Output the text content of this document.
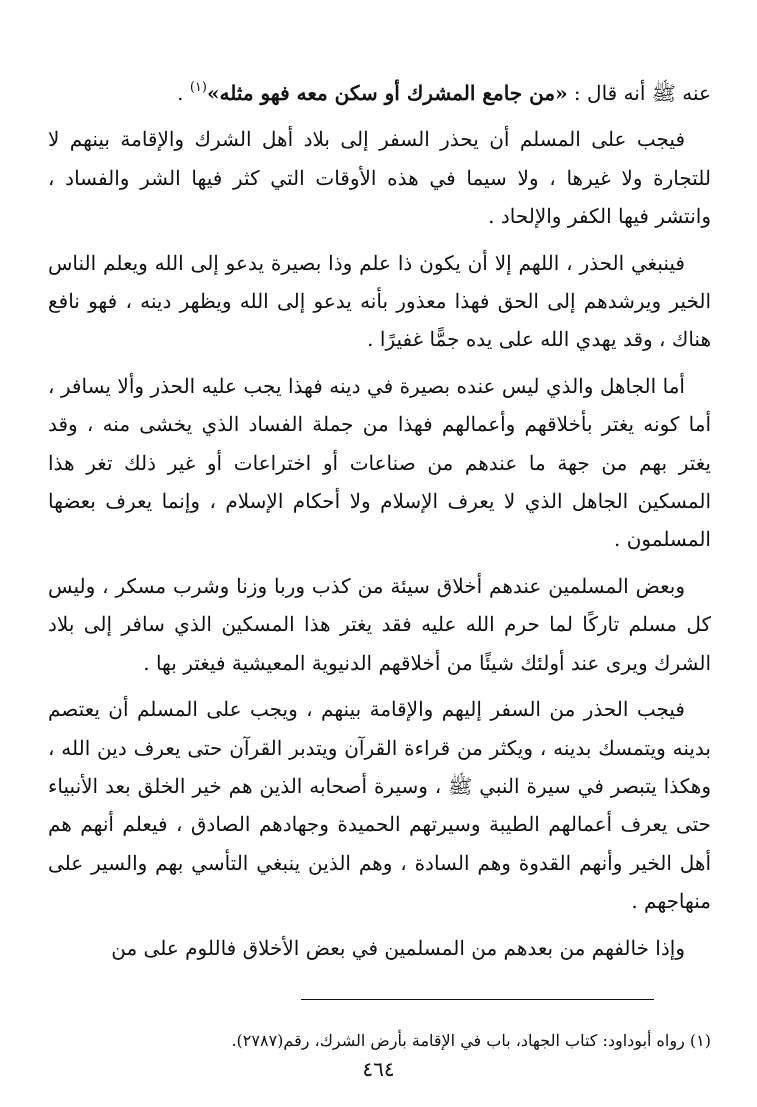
عنه ﷺ أنه قال : «من جامع المشرك أو سكن معه فهو مثله»$^{(١)}$ .

فيجب على المسلم أن يحذر السفر إلى بلاد أهل الشرك والإقامة بينهم لا للتجارة ولا غيرها ، ولا سيما في هذه الأوقات التي كثر فيها الشر والفساد ، وانتشر فيها الكفر والإلحاد .

فينبغي الحذر ، اللهم إلا أن يكون ذا علم وذا بصيرة يدعو إلى الله ويعلم الناس الخير ويرشدهم إلى الحق فهذا معذور بأنه يدعو إلى الله ويظهر دينه ، فهو نافع هناك ، وقد يهدي الله على يده جمًّا غفيرًا .

أما الجاهل والذي ليس عنده بصيرة في دينه فهذا يجب عليه الحذر وألا يسافر ، أما كونه يغتر بأخلاقهم وأعمالهم فهذا من جملة الفساد الذي يخشى منه ، وقد يغتر بهم من جهة ما عندهم من صناعات أو اختراعات أو غير ذلك تغر هذا المسكين الجاهل الذي لا يعرف الإسلام ولا أحكام الإسلام ، وإنما يعرف بعضها المسلمون .

وبعض المسلمين عندهم أخلاق سيئة من كذب وربا وزنا وشرب مسكر ، وليس كل مسلم تاركًا لما حرم الله عليه فقد يغتر هذا المسكين الذي سافر إلى بلاد الشرك ويرى عند أولئك شيئًا من أخلاقهم الدنيوية المعيشية فيغتر بها .

فيجب الحذر من السفر إليهم والإقامة بينهم ، ويجب على المسلم أن يعتصم بدينه ويتمسك بدينه ، ويكثر من قراءة القرآن ويتدبر القرآن حتى يعرف دين الله ، وهكذا يتبصر في سيرة النبي ﷺ ، وسيرة أصحابه الذين هم خير الخلق بعد الأنبياء حتى يعرف أعمالهم الطيبة وسيرتهم الحميدة وجهادهم الصادق ، فيعلم أنهم هم أهل الخير وأنهم القدوة وهم السادة ، وهم الذين ينبغي التأسي بهم والسير على منهاجهم .

وإذا خالفهم من بعدهم من المسلمين في بعض الأخلاق فاللوم على من

(١) رواه أبوداود: كتاب الجهاد، باب في الإقامة بأرض الشرك، رقم(٢٧٨٧).
٤٦٤
